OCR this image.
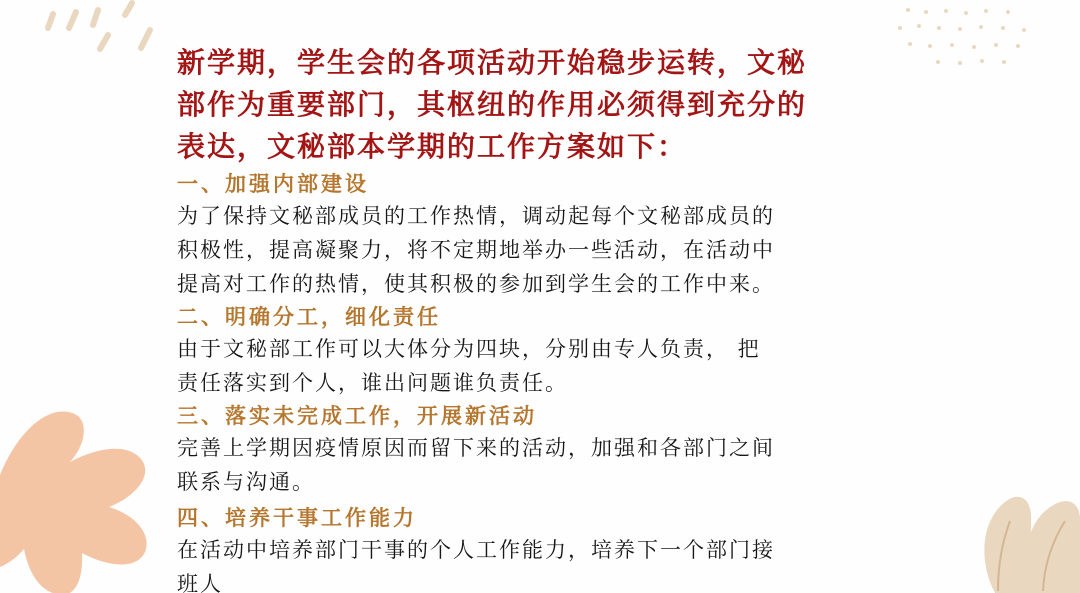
新学期，学生会的各项活动开始稳步运转，文秘
部作为重要部门，其枢纽的作用必须得到充分的
表达，文秘部本学期的工作方案如下：

一、加强内部建设

为了保持文秘部成员的工作热情，调动起每个文秘部成员的
积极性，提高凝聚力，将不定期地举办一些活动，在活动中
提高对工作的热情，使其积极的参加到学生会的工作中来。

二、明确分工，细化责任

由于文秘部工作可以大体分为四块，分别由专人负责， 把
责任落实到个人，谁出问题谁负责任。

三、落实未完成工作，开展新活动

完善上学期因疫情原因而留下来的活动，加强和各部门之间
联系与沟通。

四、培养干事工作能力

在活动中培养部门干事的个人工作能力，培养下一个部门接
班人
